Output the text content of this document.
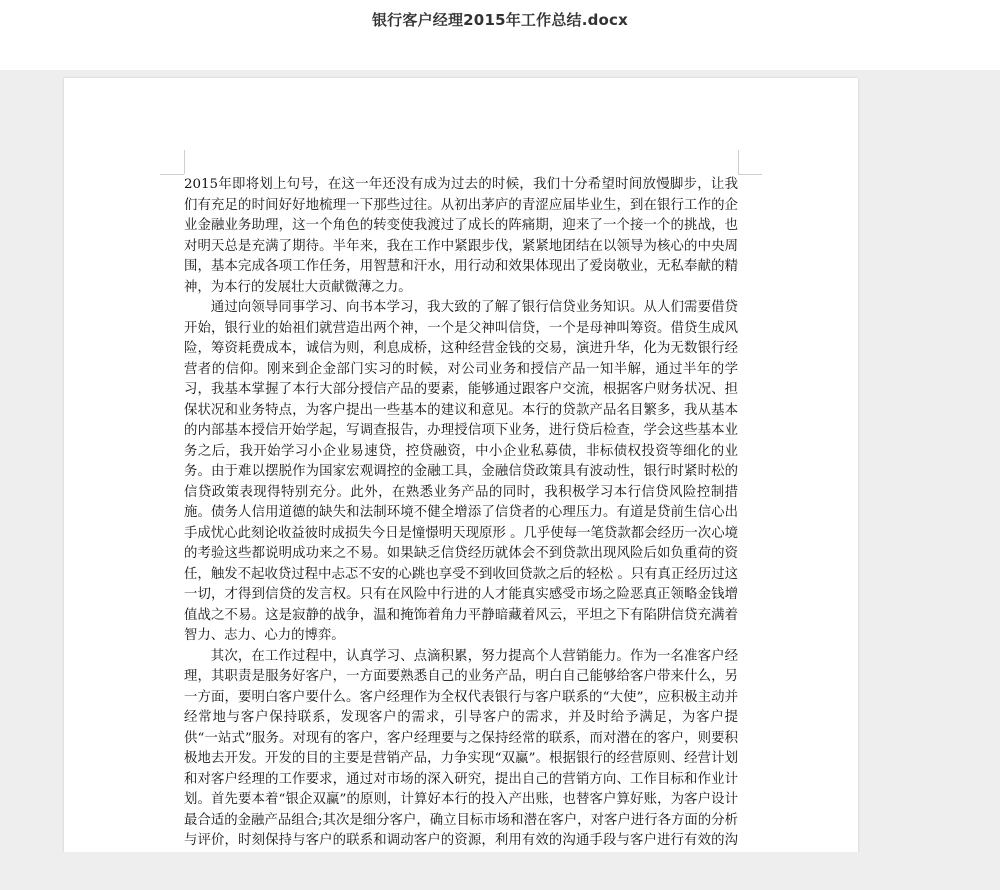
银行客户经理2015年工作总结.docx

2015年即将划上句号，在这一年还没有成为过去的时候，我们十分希望时间放慢脚步，让我们有充足的时间好好地梳理一下那些过往。从初出茅庐的青涩应届毕业生，到在银行工作的企业金融业务助理，这一个角色的转变使我渡过了成长的阵痛期，迎来了一个接一个的挑战，也对明天总是充满了期待。半年来，我在工作中紧跟步伐，紧紧地团结在以领导为核心的中央周围，基本完成各项工作任务，用智慧和汗水，用行动和效果体现出了爱岗敬业，无私奉献的精神，为本行的发展壮大贡献微薄之力。

通过向领导同事学习、向书本学习，我大致的了解了银行信贷业务知识。从人们需要借贷开始，银行业的始祖们就营造出两个神，一个是父神叫信贷，一个是母神叫筹资。借贷生成风险，筹资耗费成本，诚信为则，利息成桥，这种经营金钱的交易，演进升华，化为无数银行经营者的信仰。刚来到企金部门实习的时候，对公司业务和授信产品一知半解，通过半年的学习，我基本掌握了本行大部分授信产品的要素，能够通过跟客户交流，根据客户财务状况、担保状况和业务特点，为客户提出一些基本的建议和意见。本行的贷款产品名目繁多，我从基本的内部基本授信开始学起，写调查报告，办理授信项下业务，进行贷后检查，学会这些基本业务之后，我开始学习小企业易速贷，控贷融资，中小企业私募债，非标债权投资等细化的业务。由于难以摆脱作为国家宏观调控的金融工具，金融信贷政策具有波动性，银行时紧时松的信贷政策表现得特别充分。此外，在熟悉业务产品的同时，我积极学习本行信贷风险控制措施。债务人信用道德的缺失和法制环境不健全增添了信贷者的心理压力。有道是贷前生信心出手成忧心此刻论收益彼时成损失今日是憧憬明天现原形 。几乎使每一笔贷款都会经历一次心境的考验这些都说明成功来之不易。如果缺乏信贷经历就体会不到贷款出现风险后如负重荷的资任，触发不起收贷过程中忐忑不安的心跳也享受不到收回贷款之后的轻松 。只有真正经历过这一切，才得到信贷的发言权。只有在风险中行进的人才能真实感受市场之险恶真正领略金钱增值战之不易。这是寂静的战争，温和掩饰着角力平静暗藏着风云，平坦之下有陷阱信贷充满着智力、志力、心力的博弈。

其次，在工作过程中，认真学习、点滴积累，努力提高个人营销能力。作为一名准客户经理，其职责是服务好客户，一方面要熟悉自己的业务产品，明白自己能够给客户带来什么，另一方面，要明白客户要什么。客户经理作为全权代表银行与客户联系的“大使”，应积极主动并经常地与客户保持联系，发现客户的需求，引导客户的需求，并及时给予满足，为客户提供“一站式”服务。对现有的客户，客户经理要与之保持经常的联系，而对潜在的客户，则要积极地去开发。开发的目的主要是营销产品，力争实现“双赢”。根据银行的经营原则、经营计划和对客户经理的工作要求，通过对市场的深入研究，提出自己的营销方向、工作目标和作业计划。首先要本着“银企双赢”的原则，计算好本行的投入产出账，也替客户算好账，为客户设计最合适的金融产品组合;其次是细分客户，确立目标市场和潜在客户，对客户进行各方面的分析与评价，时刻保持与客户的联系和调动客户的资源，利用有效的沟通手段与客户进行有效的沟
